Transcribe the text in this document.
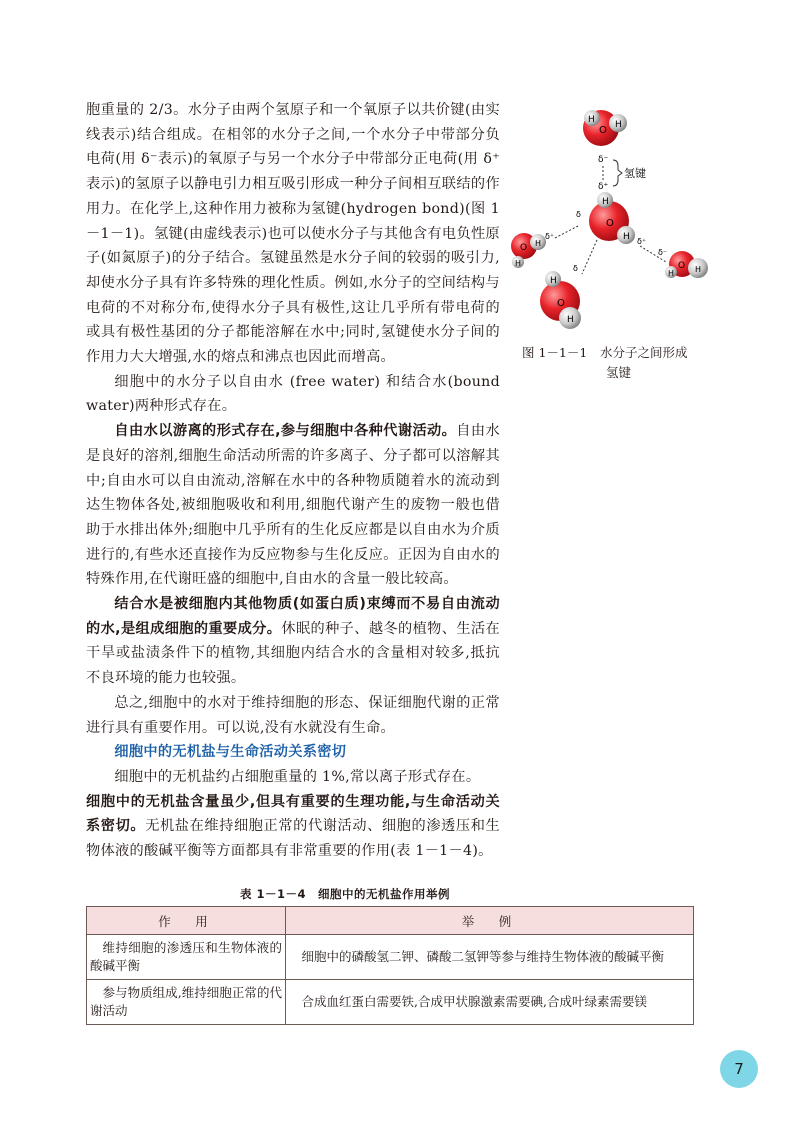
胞重量的 2/3。水分子由两个氢原子和一个氧原子以共价键(由实线表示)结合组成。在相邻的水分子之间,一个水分子中带部分负电荷(用 δ⁻表示)的氧原子与另一个水分子中带部分正电荷(用 δ⁺表示)的氢原子以静电引力相互吸引形成一种分子间相互联结的作用力。在化学上,这种作用力被称为氢键(hydrogen bond)(图 1－1－1)。氢键(由虚线表示)也可以使水分子与其他含有电负性原子(如氮原子)的分子结合。氢键虽然是水分子间的较弱的吸引力,却使水分子具有许多特殊的理化性质。例如,水分子的空间结构与电荷的不对称分布,使得水分子具有极性,这让几乎所有带电荷的或具有极性基团的分子都能溶解在水中;同时,氢键使水分子间的作用力大大增强,水的熔点和沸点也因此而增高。

细胞中的水分子以自由水 (free water) 和结合水(bound water)两种形式存在。

自由水以游离的形式存在,参与细胞中各种代谢活动。自由水是良好的溶剂,细胞生命活动所需的许多离子、分子都可以溶解其中;自由水可以自由流动,溶解在水中的各种物质随着水的流动到达生物体各处,被细胞吸收和利用,细胞代谢产生的废物一般也借助于水排出体外;细胞中几乎所有的生化反应都是以自由水为介质进行的,有些水还直接作为反应物参与生化反应。正因为自由水的特殊作用,在代谢旺盛的细胞中,自由水的含量一般比较高。

结合水是被细胞内其他物质(如蛋白质)束缚而不易自由流动的水,是组成细胞的重要成分。休眠的种子、越冬的植物、生活在干旱或盐渍条件下的植物,其细胞内结合水的含量相对较多,抵抗不良环境的能力也较强。

总之,细胞中的水对于维持细胞的形态、保证细胞代谢的正常进行具有重要作用。可以说,没有水就没有生命。

细胞中的无机盐与生命活动关系密切

细胞中的无机盐约占细胞重量的 1%,常以离子形式存在。

细胞中的无机盐含量虽少,但具有重要的生理功能,与生命活动关系密切。无机盐在维持细胞正常的代谢活动、细胞的渗透压和生物体液的酸碱平衡等方面都具有非常重要的作用(表 1－1－4)。

O
H H
δ⁻
δ⁺
氢键
O
H
H
O H
H
δ⁺
δ
O H
H
δ⁺
δ⁻
O
H
H
δ
图 1－1－1 水分子之间形成
氢键
表 1－1－4　细胞中的无机盐作用举例
作　用	举　例
维持细胞的渗透压和生物体液的酸碱平衡	细胞中的磷酸氢二钾、磷酸二氢钾等参与维持生物体液的酸碱平衡
参与物质组成,维持细胞正常的代谢活动	合成血红蛋白需要铁,合成甲状腺激素需要碘,合成叶绿素需要镁
7
